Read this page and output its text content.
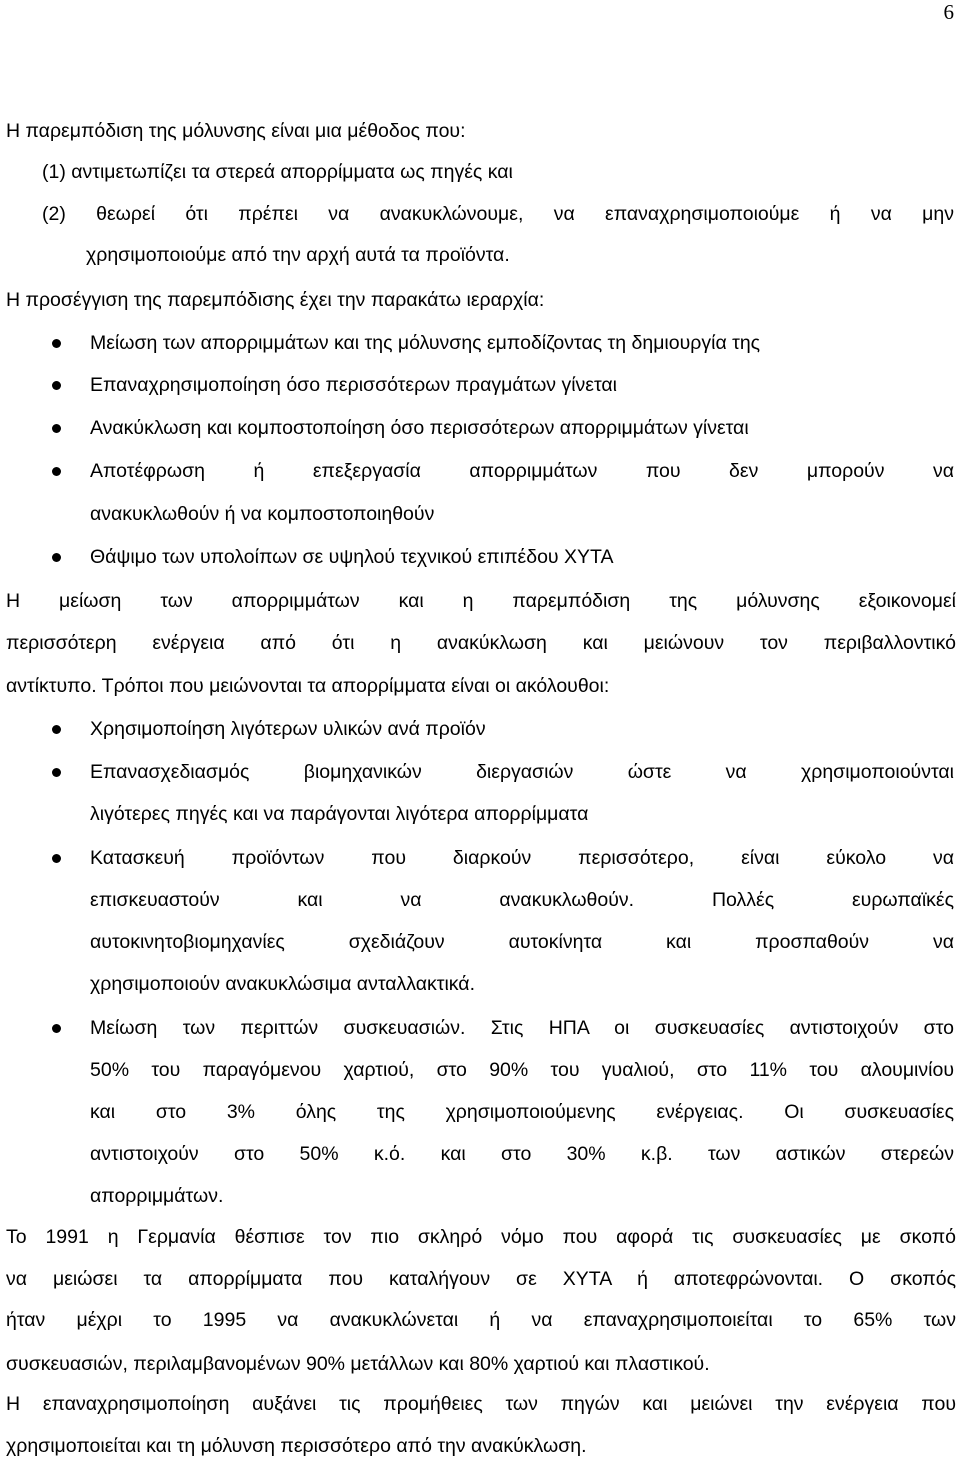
6
Η παρεμπόδιση της μόλυνσης είναι μια μέθοδος που:
(1) αντιμετωπίζει τα στερεά απορρίμματα ως πηγές και
(2) θεωρεί ότι πρέπει να ανακυκλώνουμε, να επαναχρησιμοποιούμε ή να μην
χρησιμοποιούμε από την αρχή αυτά τα προϊόντα.
Η προσέγγιση της παρεμπόδισης έχει την παρακάτω ιεραρχία:
Μείωση των απορριμμάτων και της μόλυνσης εμποδίζοντας τη δημιουργία της
Επαναχρησιμοποίηση όσο περισσότερων πραγμάτων γίνεται
Ανακύκλωση και κομποστοποίηση όσο περισσότερων απορριμμάτων γίνεται
Αποτέφρωση ή επεξεργασία απορριμμάτων που δεν μπορούν να
ανακυκλωθούν ή να κομποστοποιηθούν
Θάψιμο των υπολοίπων σε υψηλού τεχνικού επιπέδου ΧΥΤΑ
Η μείωση των απορριμμάτων και η παρεμπόδιση της μόλυνσης εξοικονομεί
περισσότερη ενέργεια από ότι η ανακύκλωση και μειώνουν τον περιβαλλοντικό
αντίκτυπο. Τρόποι που μειώνονται τα απορρίμματα είναι οι ακόλουθοι:
Χρησιμοποίηση λιγότερων υλικών ανά προϊόν
Επανασχεδιασμός βιομηχανικών διεργασιών ώστε να χρησιμοποιούνται
λιγότερες πηγές και να παράγονται λιγότερα απορρίμματα
Κατασκευή προϊόντων που διαρκούν περισσότερο, είναι εύκολο να
επισκευαστούν και να ανακυκλωθούν. Πολλές ευρωπαϊκές
αυτοκινητοβιομηχανίες σχεδιάζουν αυτοκίνητα και προσπαθούν να
χρησιμοποιούν ανακυκλώσιμα ανταλλακτικά.
Μείωση των περιττών συσκευασιών. Στις ΗΠΑ οι συσκευασίες αντιστοιχούν στο
50% του παραγόμενου χαρτιού, στο 90% του γυαλιού, στο 11% του αλουμινίου
και στο 3% όλης της χρησιμοποιούμενης ενέργειας. Οι συσκευασίες
αντιστοιχούν στο 50% κ.ό. και στο 30% κ.β. των αστικών στερεών
απορριμμάτων.
Το 1991 η Γερμανία θέσπισε τον πιο σκληρό νόμο που αφορά τις συσκευασίες με σκοπό
να μειώσει τα απορρίμματα που καταλήγουν σε ΧΥΤΑ ή αποτεφρώνονται. Ο σκοπός
ήταν μέχρι το 1995 να ανακυκλώνεται ή να επαναχρησιμοποιείται το 65% των
συσκευασιών, περιλαμβανομένων 90% μετάλλων και 80% χαρτιού και πλαστικού.
Η επαναχρησιμοποίηση αυξάνει τις προμήθειες των πηγών και μειώνει την ενέργεια που
χρησιμοποιείται και τη μόλυνση περισσότερο από την ανακύκλωση.
